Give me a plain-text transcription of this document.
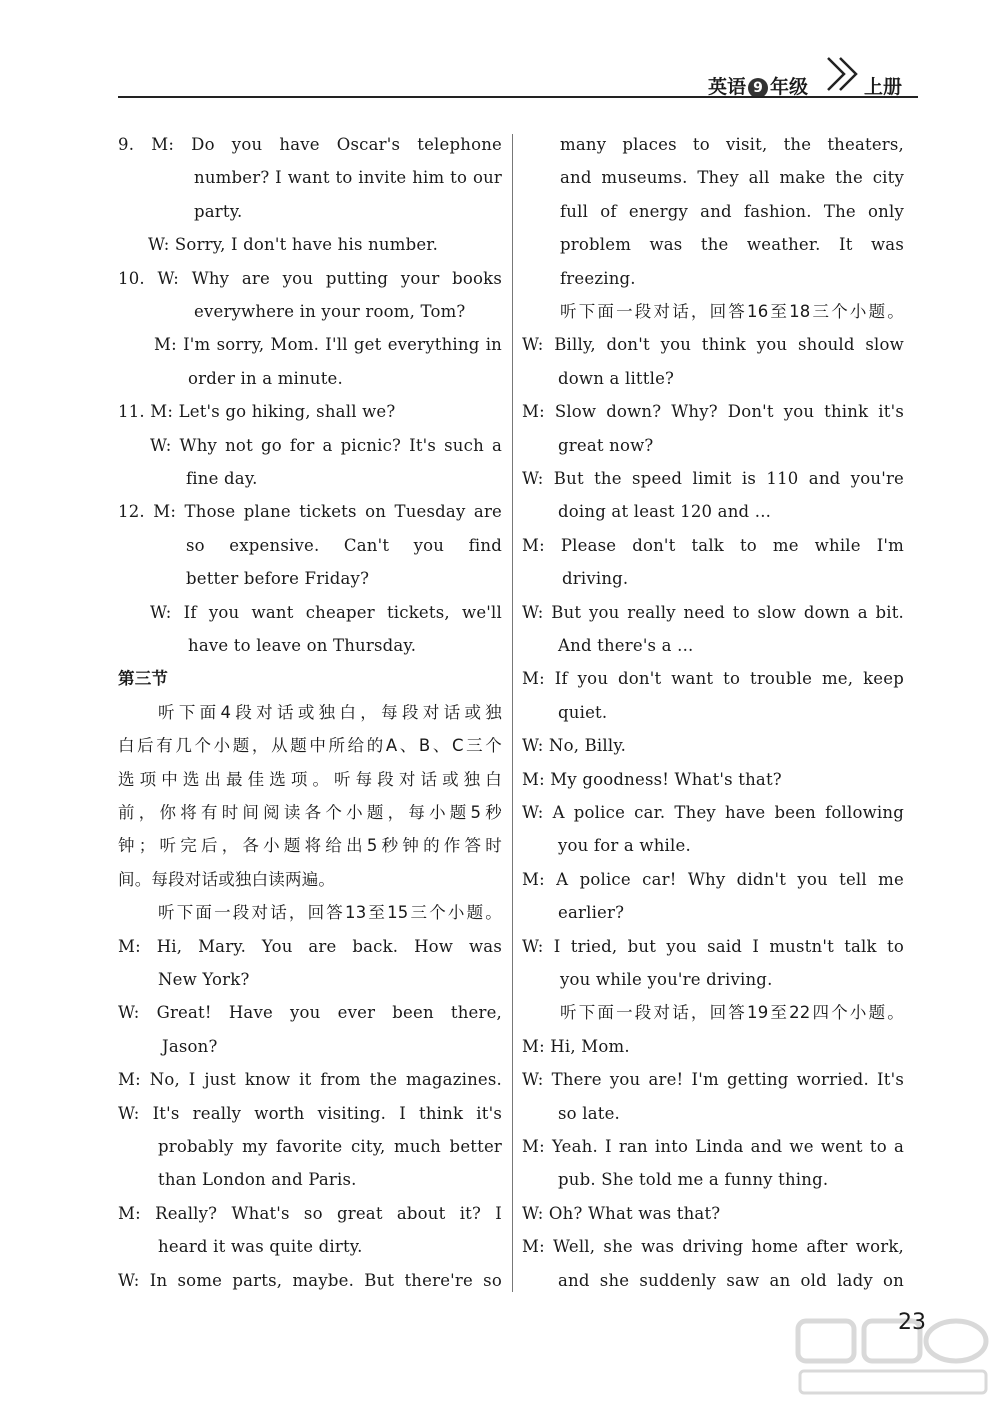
英语 9 年级	上册
9. M: Do you have Oscar's telephone
number? I want to invite him to our
party.
W: Sorry, I don't have his number.
10. W: Why are you putting your books
everywhere in your room, Tom?
M: I'm sorry, Mom. I'll get everything in
order in a minute.
11. M: Let's go hiking, shall we?
W: Why not go for a picnic? It's such a
fine day.
12. M: Those plane tickets on Tuesday are
so expensive. Can't you find
better before Friday?
W: If you want cheaper tickets, we'll
have to leave on Thursday.
第三节
听下面4段对话或独白，每段对话或独
白后有几个小题，从题中所给的A、B、C三个
选项中选出最佳选项。听每段对话或独白
前，你将有时间阅读各个小题，每小题5秒
钟；听完后，各小题将给出5秒钟的作答时
间。每段对话或独白读两遍。
听下面一段对话，回答13至15三个小题。
M: Hi, Mary. You are back. How was
New York?
W: Great! Have you ever been there,
Jason?
M: No, I just know it from the magazines.
W: It's really worth visiting. I think it's
probably my favorite city, much better
than London and Paris.
M: Really? What's so great about it? I
heard it was quite dirty.
W: In some parts, maybe. But there're so
many places to visit, the theaters,
and museums. They all make the city
full of energy and fashion. The only
problem was the weather. It was
freezing.
听下面一段对话，回答16至18三个小题。
W: Billy, don't you think you should slow
down a little?
M: Slow down? Why? Don't you think it's
great now?
W: But the speed limit is 110 and you're
doing at least 120 and ...
M: Please don't talk to me while I'm
driving.
W: But you really need to slow down a bit.
And there's a ...
M: If you don't want to trouble me, keep
quiet.
W: No, Billy.
M: My goodness! What's that?
W: A police car. They have been following
you for a while.
M: A police car! Why didn't you tell me
earlier?
W: I tried, but you said I mustn't talk to
you while you're driving.
听下面一段对话，回答19至22四个小题。
M: Hi, Mom.
W: There you are! I'm getting worried. It's
so late.
M: Yeah. I ran into Linda and we went to a
pub. She told me a funny thing.
W: Oh? What was that?
M: Well, she was driving home after work,
and she suddenly saw an old lady on
23
